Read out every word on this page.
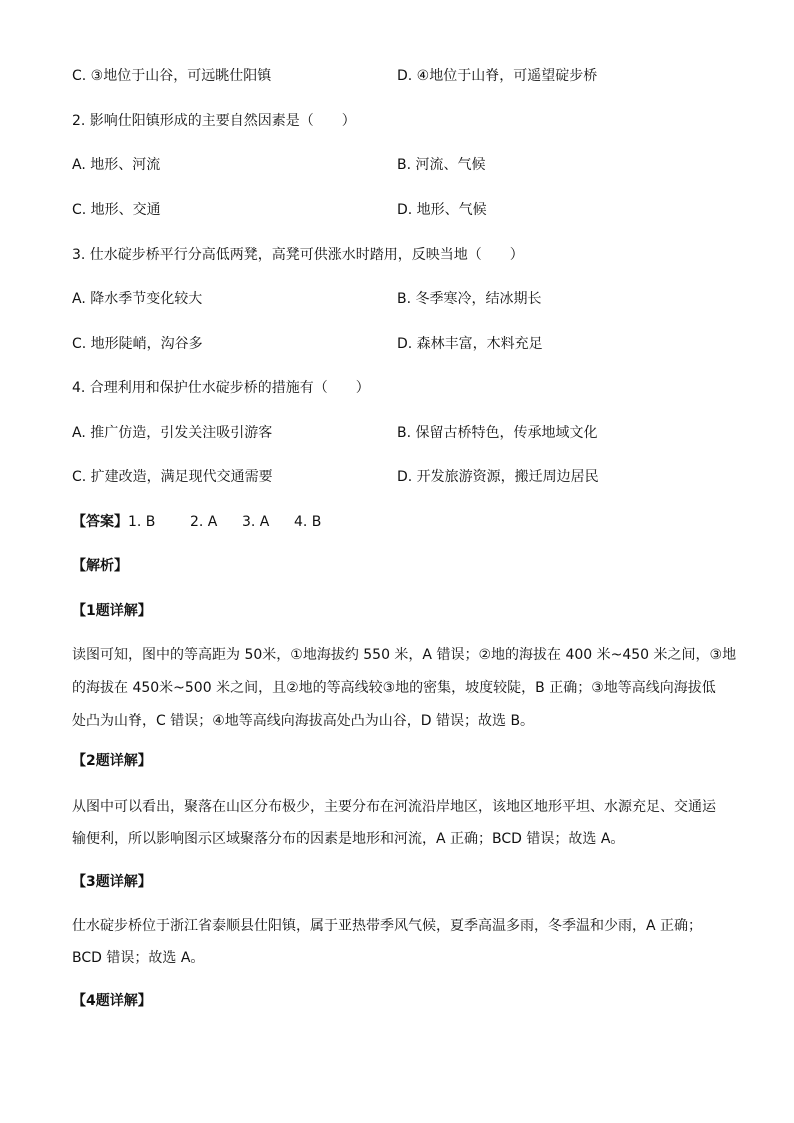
C. ③地位于山谷，可远眺仕阳镇	D. ④地位于山脊，可遥望碇步桥
2. 影响仕阳镇形成的主要自然因素是（　　）
A. 地形、河流	B. 河流、气候
C. 地形、交通	D. 地形、气候
3. 仕水碇步桥平行分高低两凳，高凳可供涨水时踏用，反映当地（　　）
A. 降水季节变化较大	B. 冬季寒冷，结冰期长
C. 地形陡峭，沟谷多	D. 森林丰富，木料充足
4. 合理利用和保护仕水碇步桥的措施有（　　）
A. 推广仿造，引发关注吸引游客	B. 保留古桥特色，传承地域文化
C. 扩建改造，满足现代交通需要	D. 开发旅游资源，搬迁周边居民
【答案】1. B 2. A 3. A 4. B
【解析】
【1题详解】
读图可知，图中的等高距为 50米，①地海拔约 550 米，A 错误；②地的海拔在 400 米~450 米之间，③地
的海拔在 450米~500 米之间，且②地的等高线较③地的密集，坡度较陡，B 正确；③地等高线向海拔低
处凸为山脊，C 错误；④地等高线向海拔高处凸为山谷，D 错误；故选 B。
【2题详解】
从图中可以看出，聚落在山区分布极少，主要分布在河流沿岸地区，该地区地形平坦、水源充足、交通运
输便利，所以影响图示区域聚落分布的因素是地形和河流，A 正确；BCD 错误；故选 A。
【3题详解】
仕水碇步桥位于浙江省泰顺县仕阳镇，属于亚热带季风气候，夏季高温多雨，冬季温和少雨，A 正确；
BCD 错误；故选 A。
【4题详解】
